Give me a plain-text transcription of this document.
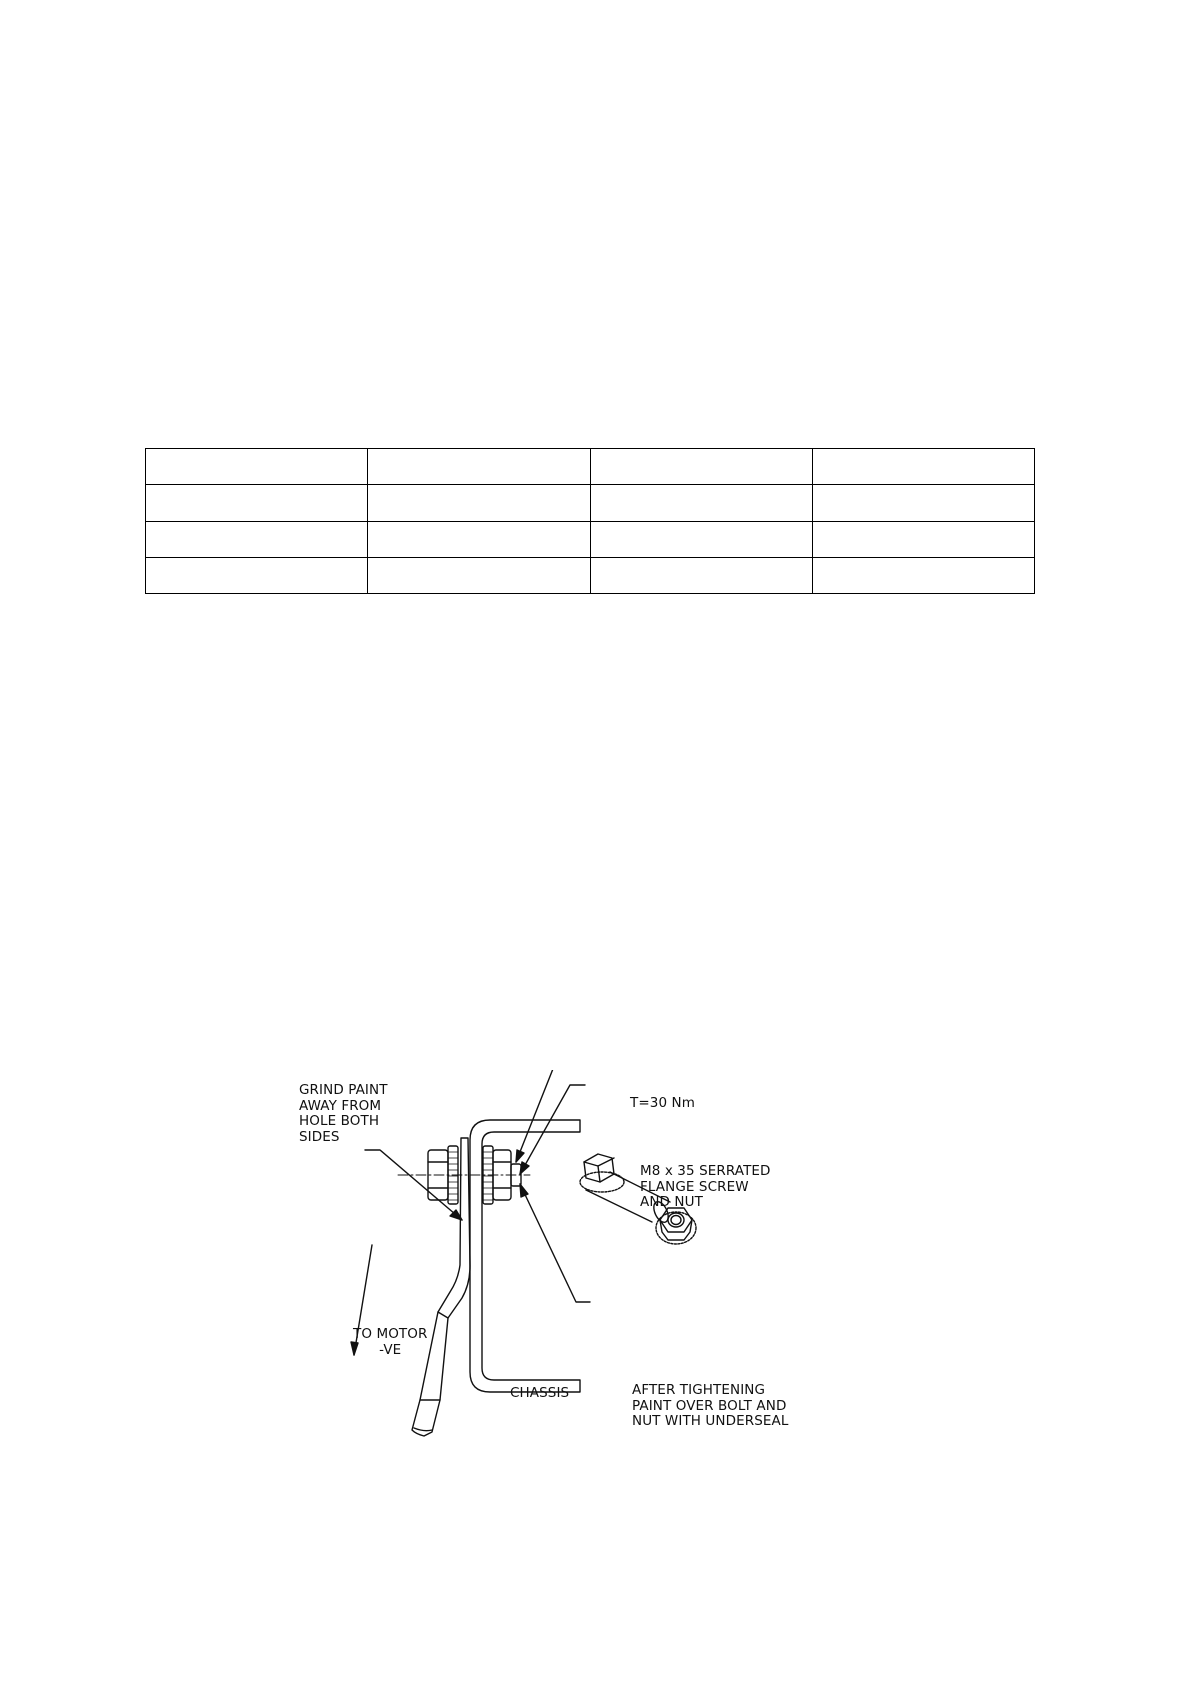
GRIND PAINT
AWAY FROM
HOLE BOTH
SIDES
T=30 Nm
M8 x 35 SERRATED
FLANGE SCREW
AND NUT
TO MOTOR
-VE
CHASSIS	AFTER TIGHTENING
PAINT OVER BOLT AND
NUT WITH UNDERSEAL
